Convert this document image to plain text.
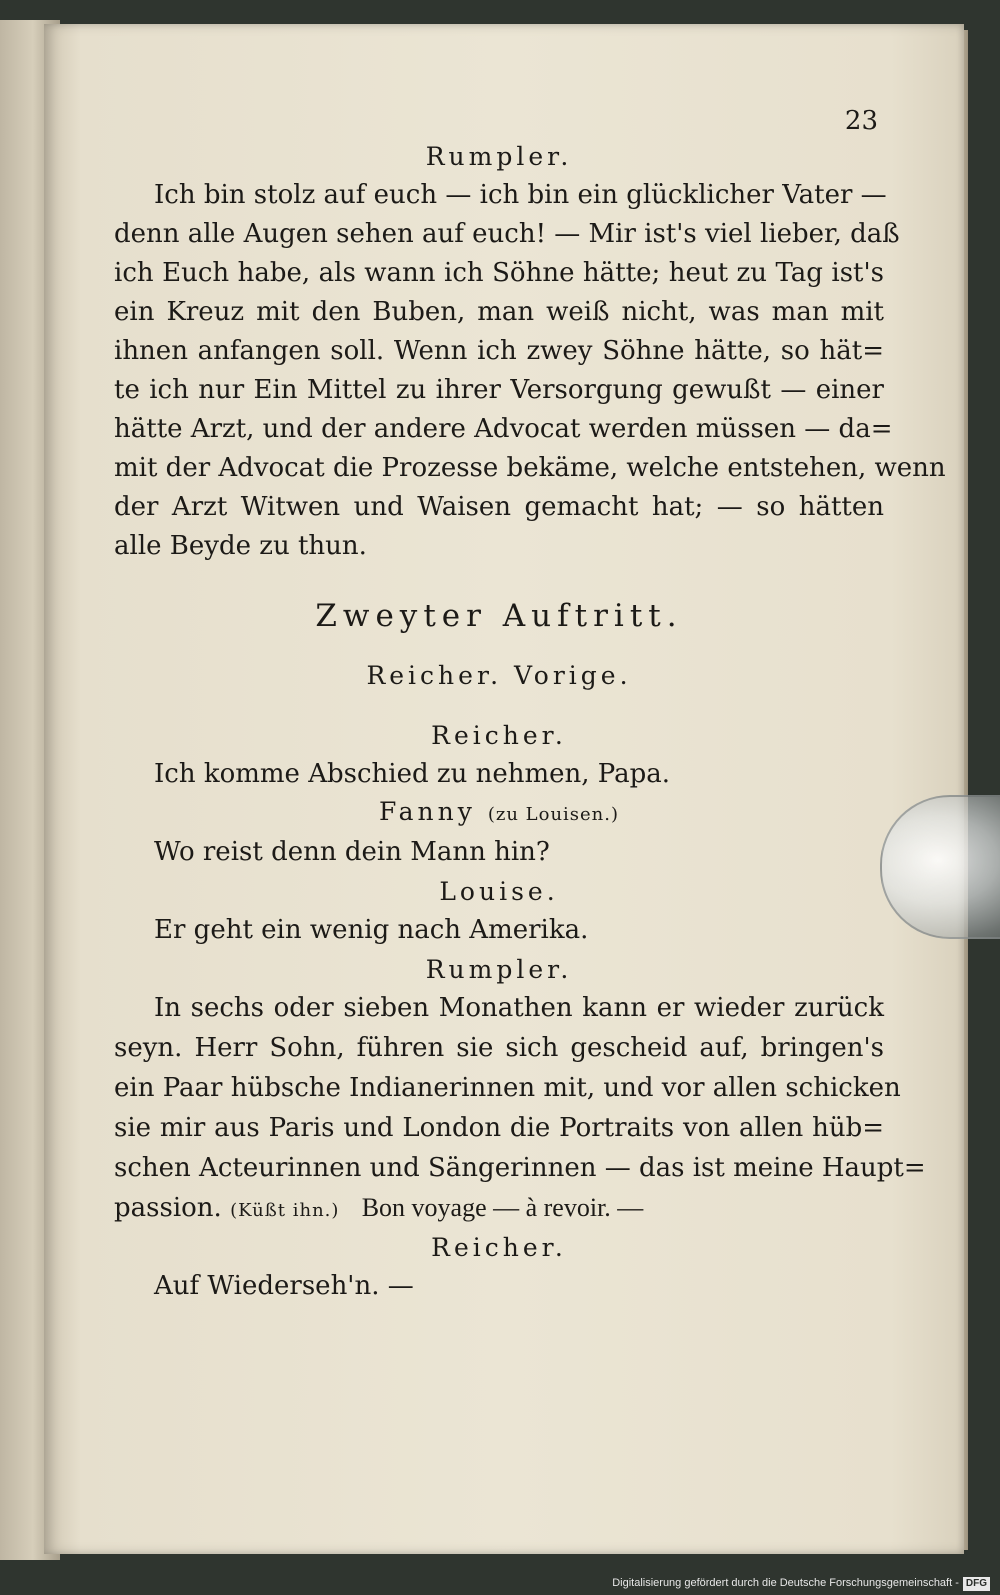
23
Rumpler.
Ich bin stolz auf euch — ich bin ein glücklicher Vater —
denn alle Augen sehen auf euch! — Mir ist's viel lieber, daß
ich Euch habe, als wann ich Söhne hätte; heut zu Tag ist's
ein Kreuz mit den Buben, man weiß nicht, was man mit
ihnen anfangen soll. Wenn ich zwey Söhne hätte, so hät=
te ich nur Ein Mittel zu ihrer Versorgung gewußt — einer
hätte Arzt, und der andere Advocat werden müssen — da=
mit der Advocat die Prozesse bekäme, welche entstehen, wenn
der Arzt Witwen und Waisen gemacht hat; — so hätten
alle Beyde zu thun.
Zweyter Auftritt.
Reicher. Vorige.
Reicher.
Ich komme Abschied zu nehmen, Papa.
Fanny (zu Louisen.)
Wo reist denn dein Mann hin?
Louise.
Er geht ein wenig nach Amerika.
Rumpler.
In sechs oder sieben Monathen kann er wieder zurück
seyn. Herr Sohn, führen sie sich gescheid auf, bringen's
ein Paar hübsche Indianerinnen mit, und vor allen schicken
sie mir aus Paris und London die Portraits von allen hüb=
schen Acteurinnen und Sängerinnen — das ist meine Haupt=
passion. (Küßt ihn.) Bon voyage — à revoir. —
Reicher.
Auf Wiederseh'n. —
Digitalisierung gefördert durch die Deutsche Forschungsgemeinschaft - DFG
